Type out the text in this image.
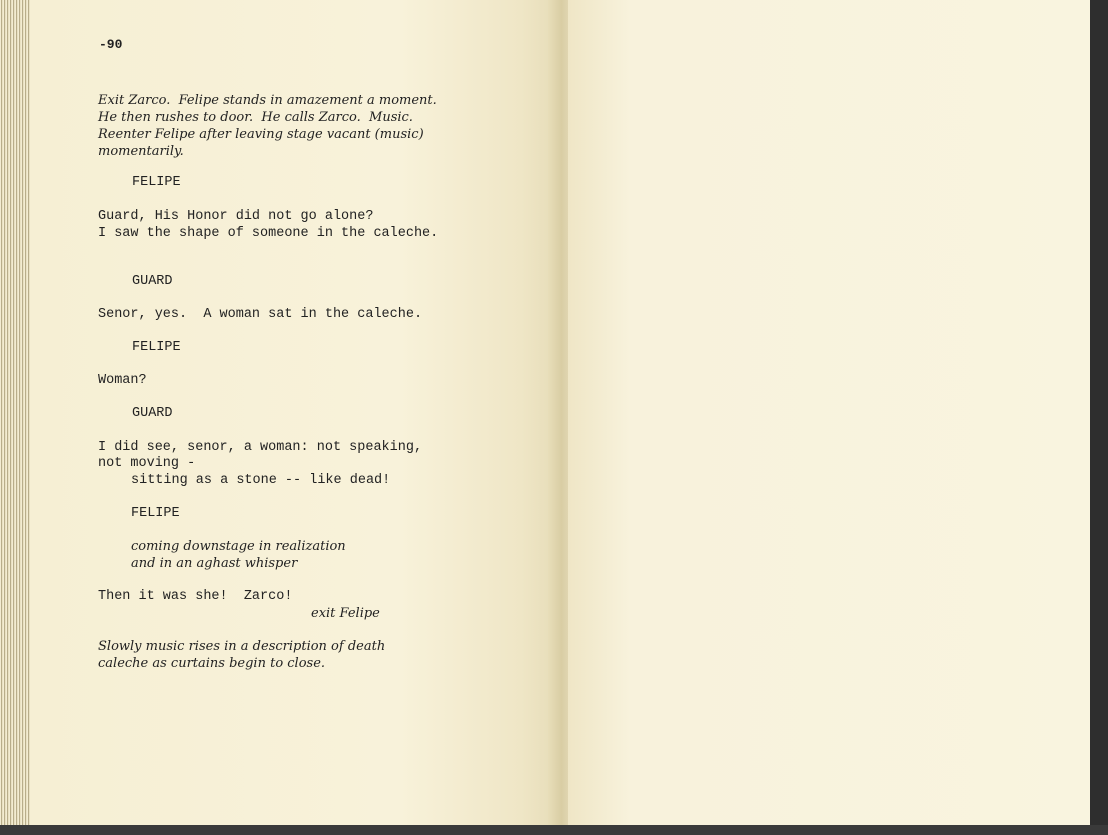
-90

Exit Zarco.  Felipe stands in amazement a moment.

He then rushes to door.  He calls Zarco.  Music.

Reenter Felipe after leaving stage vacant (music)

momentarily.

FELIPE

Guard, His Honor did not go alone?

I saw the shape of someone in the caleche.

GUARD

Senor, yes.  A woman sat in the caleche.

FELIPE

Woman?

GUARD

I did see, senor, a woman: not speaking,

not moving -

sitting as a stone -- like dead!

FELIPE

coming downstage in realization

and in an aghast whisper

Then it was she!  Zarco!

exit Felipe

Slowly music rises in a description of death

caleche as curtains begin to close.
